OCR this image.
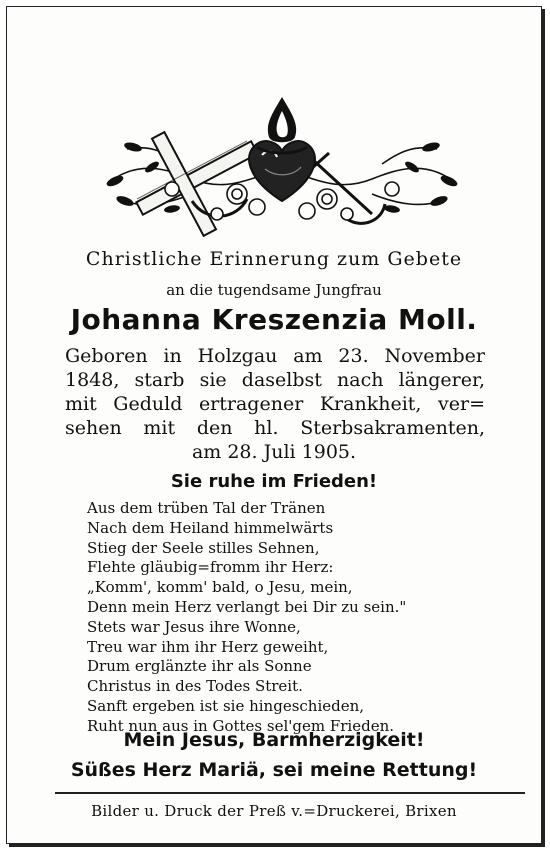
Christliche Erinnerung zum Gebete
an die tugendsame Jungfrau
Johanna Kreszenzia Moll.
Geboren in Holzgau am 23. November
1848, starb sie daselbst nach längerer,
mit Geduld ertragener Krankheit, ver=
sehen mit den hl. Sterbsakramenten,
am 28. Juli 1905.
Sie ruhe im Frieden!
Aus dem trüben Tal der Tränen
Nach dem Heiland himmelwärts
Stieg der Seele stilles Sehnen,
Flehte gläubig=fromm ihr Herz:
„Komm', komm' bald, o Jesu, mein,
Denn mein Herz verlangt bei Dir zu sein."
Stets war Jesus ihre Wonne,
Treu war ihm ihr Herz geweiht,
Drum erglänzte ihr als Sonne
Christus in des Todes Streit.
Sanft ergeben ist sie hingeschieden,
Ruht nun aus in Gottes sel'gem Frieden.
Mein Jesus, Barmherzigkeit!
Süßes Herz Mariä, sei meine Rettung!
Bilder u. Druck der Preß v.=Druckerei, Brixen
